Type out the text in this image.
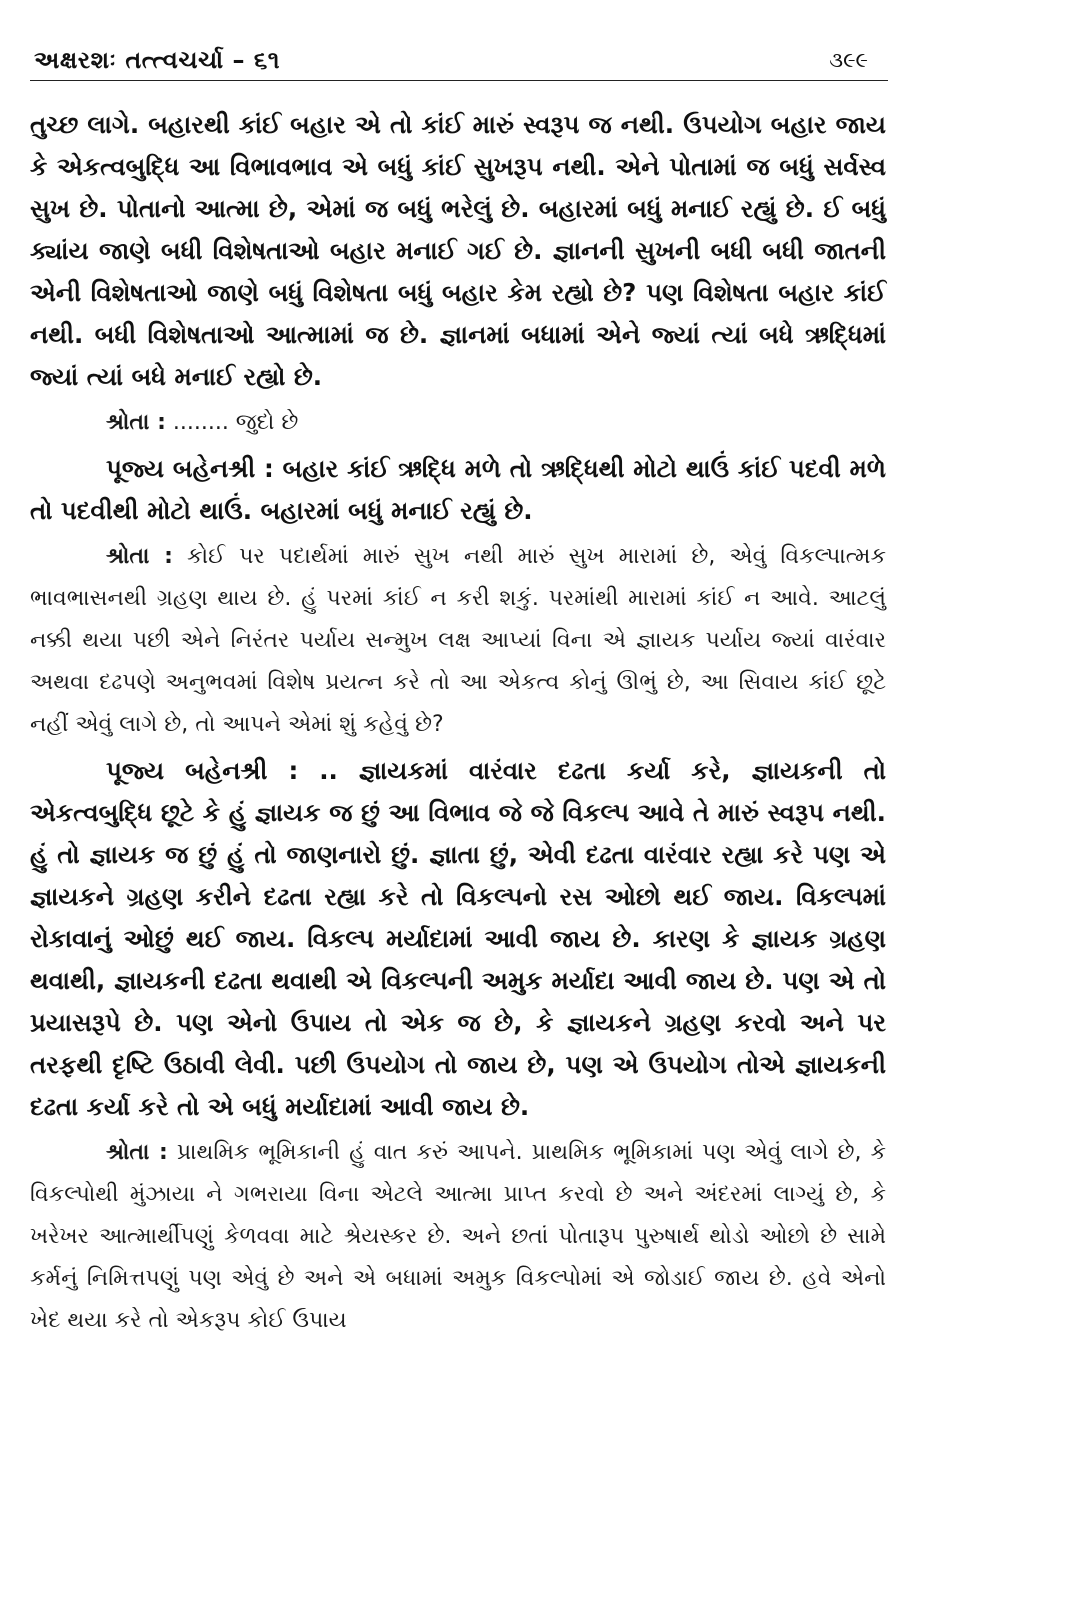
અક્ષરશઃ તત્ત્વચર્ચા – ૬૧	૩૯૯

તુચ્છ લાગે. બહારથી કાંઈ બહાર એ તો કાંઈ મારું સ્વરૂપ જ નથી. ઉપયોગ બહાર જાય કે એકત્વબુદ્ધિ આ વિભાવભાવ એ બધું કાંઈ સુખરૂપ નથી. એને પોતામાં જ બધું સર્વસ્વ સુખ છે. પોતાનો આત્મા છે, એમાં જ બધું ભરેલું છે. બહારમાં બધું મનાઈ રહ્યું છે. ઈ બધું ક્યાંય જાણે બધી વિશેષતાઓ બહાર મનાઈ ગઈ છે. જ્ઞાનની સુખની બધી બધી જાતની એની વિશેષતાઓ જાણે બધું વિશેષતા બધું બહાર કેમ રહ્યો છે? પણ વિશેષતા બહાર કાંઈ નથી. બધી વિશેષતાઓ આત્મામાં જ છે. જ્ઞાનમાં બધામાં એને જ્યાં ત્યાં બધે ઋદ્ધિમાં જ્યાં ત્યાં બધે મનાઈ રહ્યો છે.

શ્રોતા : ........ જુદો છે

પૂજ્ય બહેનશ્રી : બહાર કાંઈ ઋદ્ધિ મળે તો ઋદ્ધિથી મોટો થાઉં કાંઈ પદવી મળે તો પદવીથી મોટો થાઉં. બહારમાં બધું મનાઈ રહ્યું છે.

શ્રોતા : કોઈ પર પદાર્થમાં મારું સુખ નથી મારું સુખ મારામાં છે, એવું વિકલ્પાત્મક ભાવભાસનથી ગ્રહણ થાય છે. હું પરમાં કાંઈ ન કરી શકું. પરમાંથી મારામાં કાંઈ ન આવે. આટલું નક્કી થયા પછી એને નિરંતર પર્યાય સન્મુખ લક્ષ આપ્યાં વિના એ જ્ઞાયક પર્યાય જ્યાં વારંવાર અથવા દઢપણે અનુભવમાં વિશેષ પ્રયત્ન કરે તો આ એકત્વ કોનું ઊભું છે, આ સિવાય કાંઈ છૂટે નહીં એવું લાગે છે, તો આપને એમાં શું કહેવું છે?

પૂજ્ય બહેનશ્રી : .. જ્ઞાયકમાં વારંવાર દઢતા કર્યા કરે, જ્ઞાયકની તો એકત્વબુદ્ધિ છૂટે કે હું જ્ઞાયક જ છું આ વિભાવ જે જે વિકલ્પ આવે તે મારું સ્વરૂપ નથી. હું તો જ્ઞાયક જ છું હું તો જાણનારો છું. જ્ઞાતા છું, એવી દઢતા વારંવાર રહ્યા કરે પણ એ જ્ઞાયકને ગ્રહણ કરીને દઢતા રહ્યા કરે તો વિકલ્પનો રસ ઓછો થઈ જાય. વિકલ્પમાં રોકાવાનું ઓછું થઈ જાય. વિકલ્પ મર્યાદામાં આવી જાય છે. કારણ કે જ્ઞાયક ગ્રહણ થવાથી, જ્ઞાયકની દઢતા થવાથી એ વિકલ્પની અમુક મર્યાદા આવી જાય છે. પણ એ તો પ્રયાસરૂપે છે. પણ એનો ઉપાય તો એક જ છે, કે જ્ઞાયકને ગ્રહણ કરવો અને પર તરફથી દૃષ્ટિ ઉઠાવી લેવી. પછી ઉપયોગ તો જાય છે, પણ એ ઉપયોગ તોએ જ્ઞાયકની દઢતા કર્યા કરે તો એ બધું મર્યાદામાં આવી જાય છે.

શ્રોતા : પ્રાથમિક ભૂમિકાની હું વાત કરું આપને. પ્રાથમિક ભૂમિકામાં પણ એવું લાગે છે, કે વિકલ્પોથી મુંઝાયા ને ગભરાયા વિના એટલે આત્મા પ્રાપ્ત કરવો છે અને અંદરમાં લાગ્યું છે, કે ખરેખર આત્માર્થીપણું કેળવવા માટે શ્રેયસ્કર છે. અને છતાં પોતારૂપ પુરુષાર્થ થોડો ઓછો છે સામે કર્મનું નિમિત્તપણું પણ એવું છે અને એ બધામાં અમુક વિકલ્પોમાં એ જોડાઈ જાય છે. હવે એનો ખેદ થયા કરે તો એકરૂપ કોઈ ઉપાય
